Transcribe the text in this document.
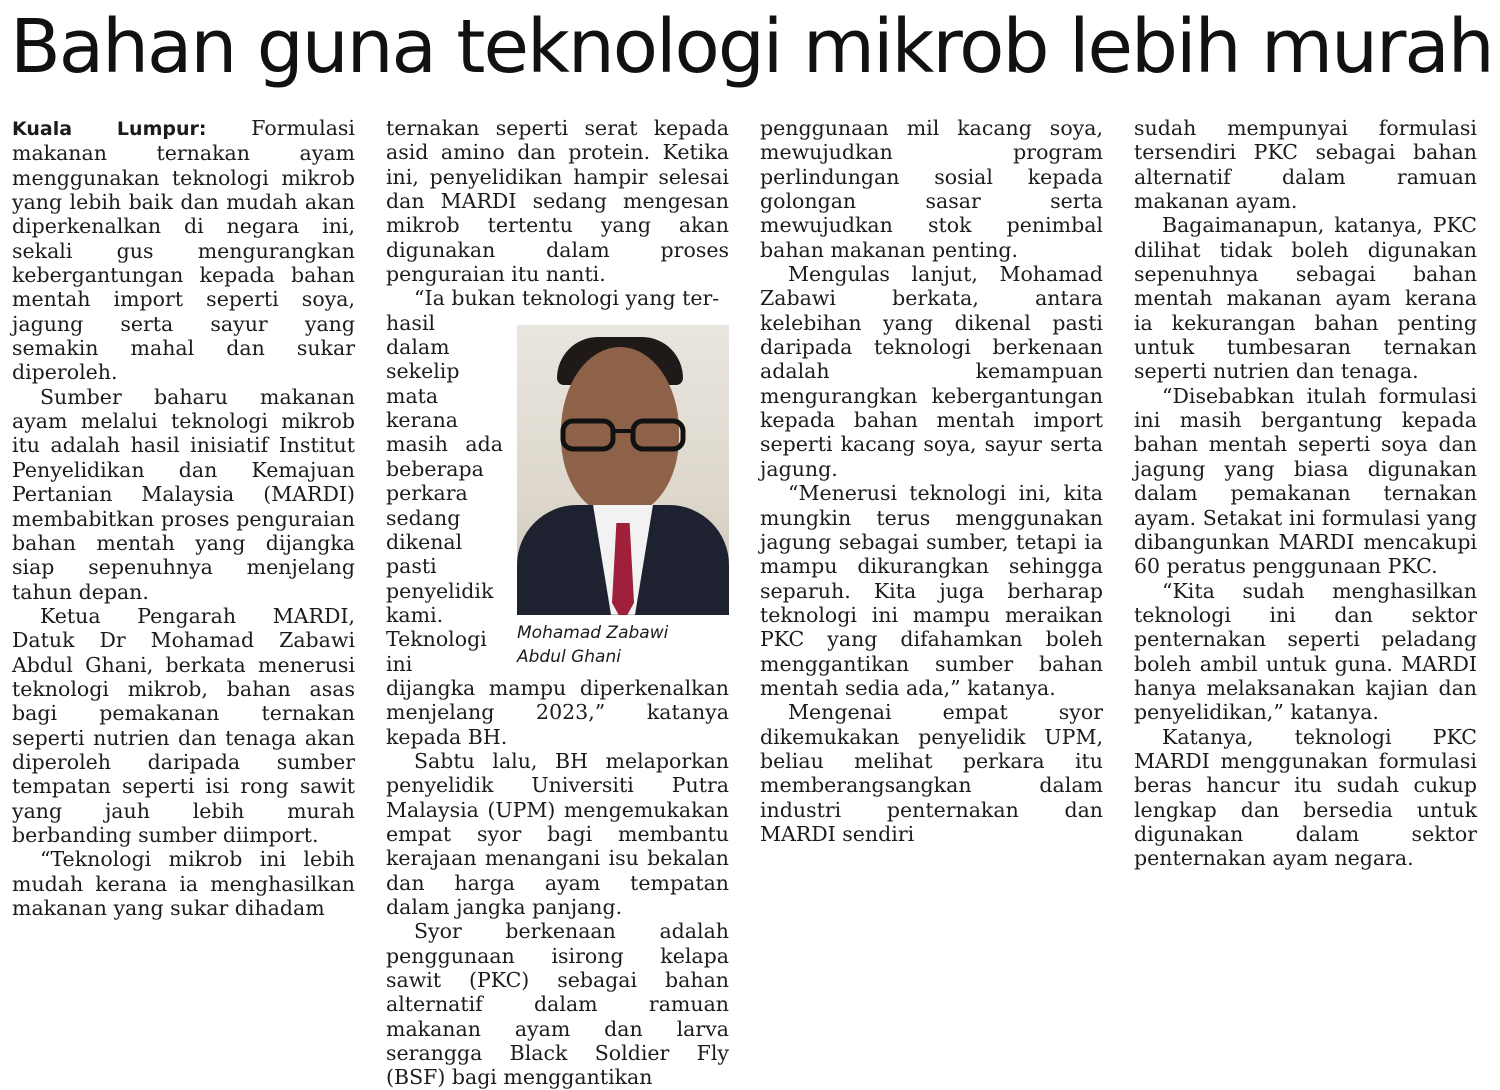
Bahan guna teknologi mikrob lebih murah

Kuala Lumpur: Formulasi makanan ternakan ayam menggunakan teknologi mikrob yang lebih baik dan mudah akan diperkenalkan di negara ini, sekali gus mengurangkan kebergantungan kepada bahan mentah import seperti soya, jagung serta sayur yang semakin mahal dan sukar diperoleh.

Sumber baharu makanan ayam melalui teknologi mikrob itu adalah hasil inisiatif Institut Penyelidikan dan Kemajuan Pertanian Malaysia (MARDI) membabitkan proses penguraian bahan mentah yang dijangka siap sepenuhnya menjelang tahun depan.

Ketua Pengarah MARDI, Datuk Dr Mohamad Zabawi Abdul Ghani, berkata menerusi teknologi mikrob, bahan asas bagi pemakanan ternakan seperti nutrien dan tenaga akan diperoleh daripada sumber tempatan seperti isi rong sawit yang jauh lebih murah berbanding sumber diimport.

“Teknologi mikrob ini lebih mudah kerana ia menghasilkan makanan yang sukar dihadam

ternakan seperti serat kepada asid amino dan protein. Ketika ini, penyelidikan hampir selesai dan MARDI sedang mengesan mikrob tertentu yang akan digunakan dalam proses penguraian itu nanti.

“Ia bukan teknologi yang ter-

Mohamad Zabawi
Abdul Ghani

hasil dalam sekelip mata kerana masih ada beberapa perkara sedang dikenal pasti penyelidik kami. Teknologi ini dijangka mampu diperkenalkan menjelang 2023,” katanya kepada BH.

Sabtu lalu, BH melaporkan penyelidik Universiti Putra Malaysia (UPM) mengemukakan empat syor bagi membantu kerajaan menangani isu bekalan dan harga ayam tempatan dalam jangka panjang.

Syor berkenaan adalah penggunaan isirong kelapa sawit (PKC) sebagai bahan alternatif dalam ramuan makanan ayam dan larva serangga Black Soldier Fly (BSF) bagi menggantikan

penggunaan mil kacang soya, mewujudkan program perlindungan sosial kepada golongan sasar serta mewujudkan stok penimbal bahan makanan penting.

Mengulas lanjut, Mohamad Zabawi berkata, antara kelebihan yang dikenal pasti daripada teknologi berkenaan adalah kemampuan mengurangkan kebergantungan kepada bahan mentah import seperti kacang soya, sayur serta jagung.

“Menerusi teknologi ini, kita mungkin terus menggunakan jagung sebagai sumber, tetapi ia mampu dikurangkan sehingga separuh. Kita juga berharap teknologi ini mampu meraikan PKC yang difahamkan boleh menggantikan sumber bahan mentah sedia ada,” katanya.

Mengenai empat syor dikemukakan penyelidik UPM, beliau melihat perkara itu memberangsangkan dalam industri penternakan dan MARDI sendiri

sudah mempunyai formulasi tersendiri PKC sebagai bahan alternatif dalam ramuan makanan ayam.

Bagaimanapun, katanya, PKC dilihat tidak boleh digunakan sepenuhnya sebagai bahan mentah makanan ayam kerana ia kekurangan bahan penting untuk tumbesaran ternakan seperti nutrien dan tenaga.

“Disebabkan itulah formulasi ini masih bergantung kepada bahan mentah seperti soya dan jagung yang biasa digunakan dalam pemakanan ternakan ayam. Setakat ini formulasi yang dibangunkan MARDI mencakupi 60 peratus penggunaan PKC.

“Kita sudah menghasilkan teknologi ini dan sektor penternakan seperti peladang boleh ambil untuk guna. MARDI hanya melaksanakan kajian dan penyelidikan,” katanya.

Katanya, teknologi PKC MARDI menggunakan formulasi beras hancur itu sudah cukup lengkap dan bersedia untuk digunakan dalam sektor penternakan ayam negara.
